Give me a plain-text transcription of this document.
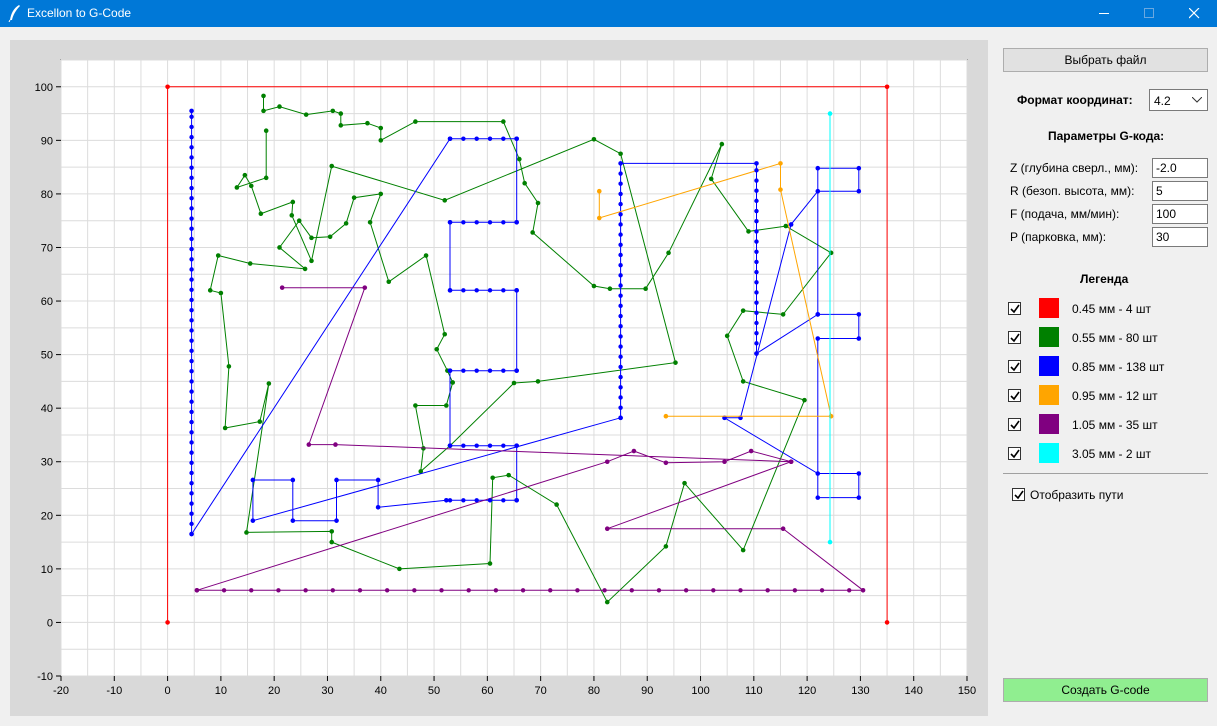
Excellon to G-Code
-20	-10	0	10	20	30	40	50	60	70	80	90	100	110	120	130	140	150
-10
0
10
20
30
40
50
60
70
80
90
100
Выбрать файл
Формат координат: 4.2
Параметры G-кода:
Z (глубина сверл., мм):
-2.0
R (безоп. высота, мм):
5
F (подача, мм/мин):
100
P (парковка, мм):
30
Легенда
0.45 мм - 4 шт
0.55 мм - 80 шт
0.85 мм - 138 шт
0.95 мм - 12 шт
1.05 мм - 35 шт
3.05 мм - 2 шт
Отобразить пути
Создать G-code
